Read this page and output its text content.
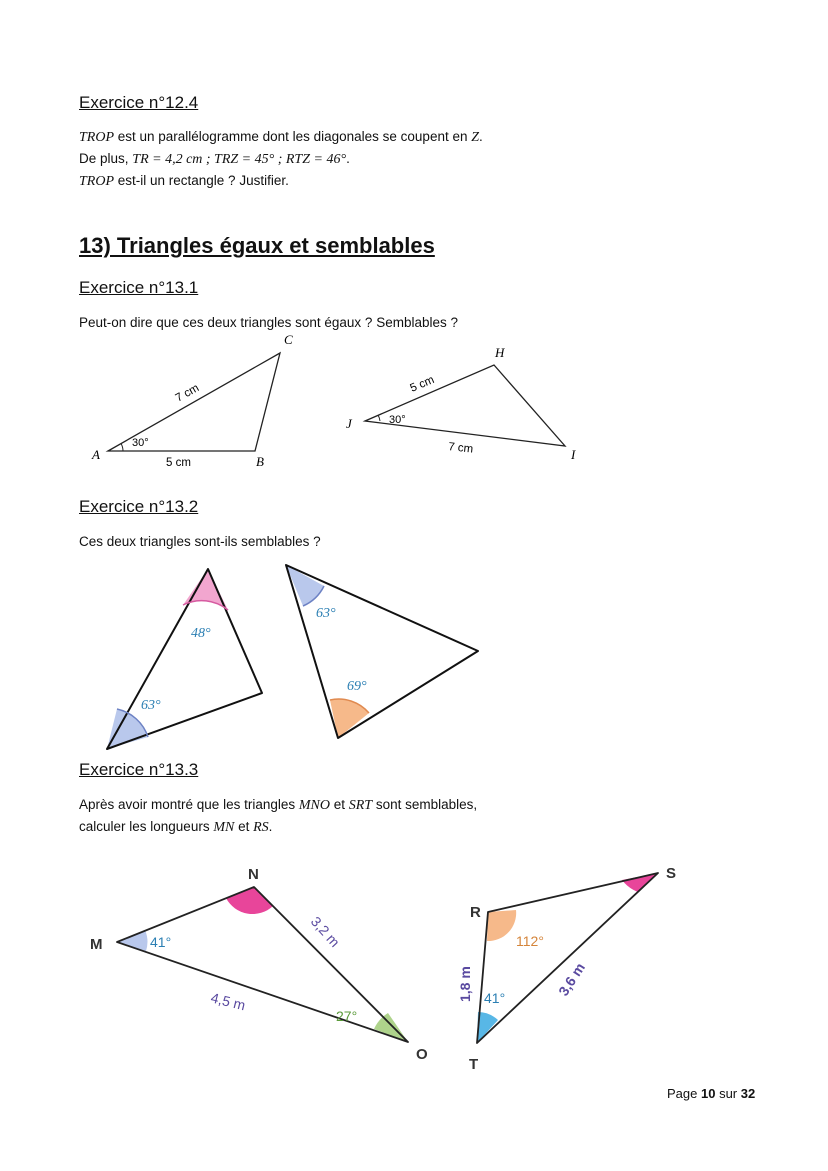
Exercice n°12.4
TROP est un parallélogramme dont les diagonales se coupent en Z.
De plus, TR = 4,2 cm ; TRZ = 45° ; RTZ = 46°.
TROP est-il un rectangle ? Justifier.
13) Triangles égaux et semblables
Exercice n°13.1
Peut-on dire que ces deux triangles sont égaux ? Semblables ?
A	B
C
7 cm
5 cm
30°
J
H
I
5 cm
7 cm
30°
48°
63°
63°
69°
M
N
O
41°
27°
3,2 m
4,5 m
R
S
T
112°
41°
1,8 m	3,6 m
Exercice n°13.2
Ces deux triangles sont-ils semblables ?
Exercice n°13.3
Après avoir montré que les triangles MNO et SRT sont semblables,
calculer les longueurs MN et RS.
Page 10 sur 32
